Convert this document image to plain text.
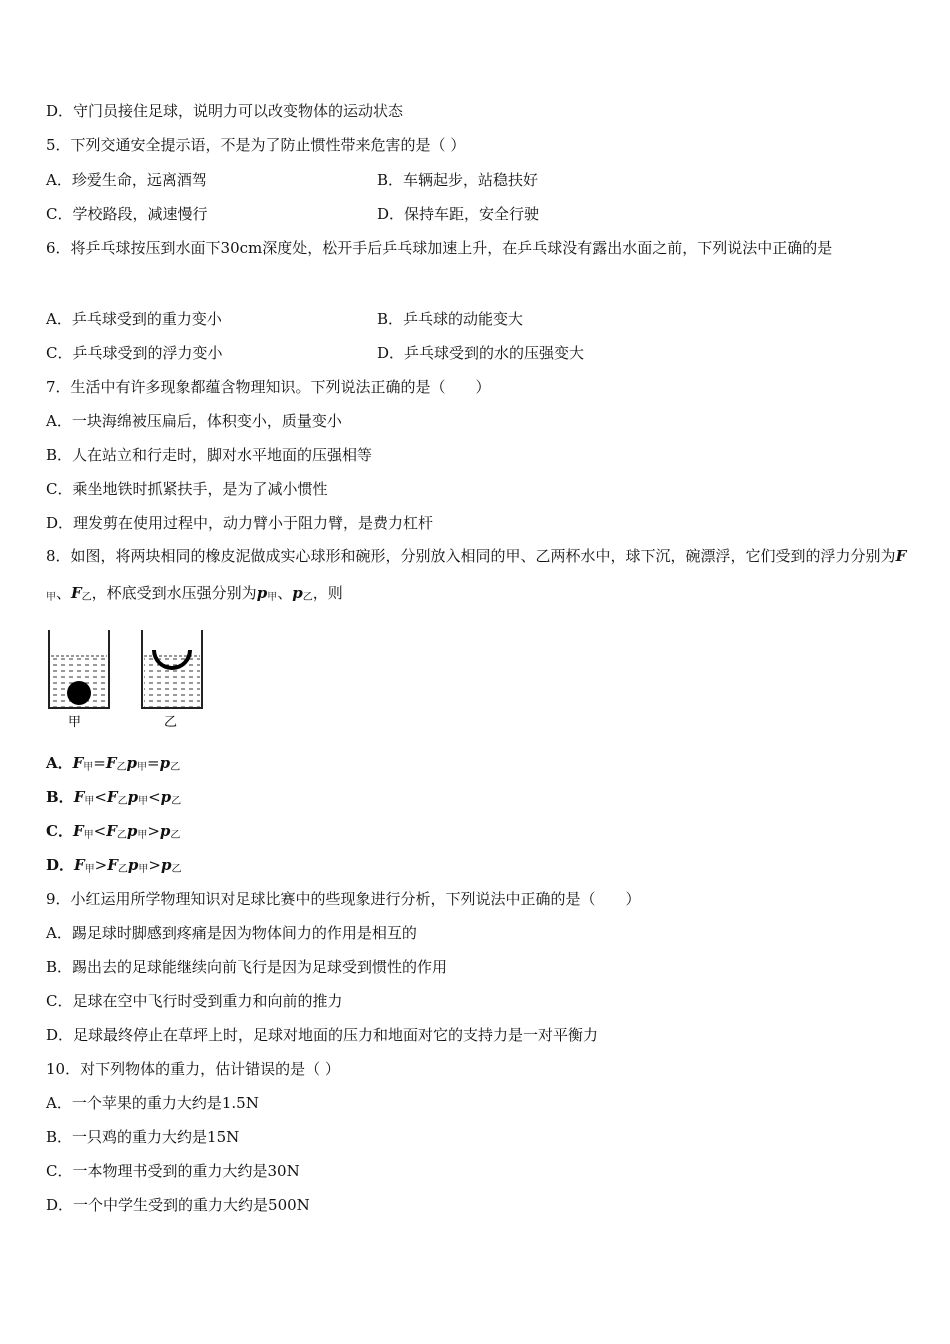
D．守门员接住足球，说明力可以改变物体的运动状态
5．下列交通安全提示语，不是为了防止惯性带来危害的是（ ）
A．珍爱生命，远离酒驾	B．车辆起步，站稳扶好
C．学校路段，减速慢行	D．保持车距，安全行驶
6．将乒乓球按压到水面下30cm深度处，松开手后乒乓球加速上升，在乒乓球没有露出水面之前，下列说法中正确的是
A．乒乓球受到的重力变小	B．乒乓球的动能变大
C．乒乓球受到的浮力变小	D．乒乓球受到的水的压强变大
7．生活中有许多现象都蕴含物理知识。下列说法正确的是（　　）
A．一块海绵被压扁后，体积变小，质量变小
B．人在站立和行走时，脚对水平地面的压强相等
C．乘坐地铁时抓紧扶手，是为了减小惯性
D．理发剪在使用过程中，动力臂小于阻力臂，是费力杠杆
8．如图，将两块相同的橡皮泥做成实心球形和碗形，分别放入相同的甲、乙两杯水中，球下沉，碗漂浮，它们受到的浮力分别为$F_甲$、$F_乙$，杯底受到水压强分别为$p_甲$、$p_乙$，则
甲	乙
A．$F_甲=F_乙p_甲=p_乙$
B．$F_甲<F_乙p_甲<p_乙$
C．$F_甲<F_乙p_甲>p_乙$
D．$F_甲>F_乙p_甲>p_乙$
9．小红运用所学物理知识对足球比赛中的些现象进行分析，下列说法中正确的是（　　）
A．踢足球时脚感到疼痛是因为物体间力的作用是相互的
B．踢出去的足球能继续向前飞行是因为足球受到惯性的作用
C．足球在空中飞行时受到重力和向前的推力
D．足球最终停止在草坪上时，足球对地面的压力和地面对它的支持力是一对平衡力
10．对下列物体的重力，估计错误的是（ ）
A．一个苹果的重力大约是1.5N
B．一只鸡的重力大约是15N
C．一本物理书受到的重力大约是30N
D．一个中学生受到的重力大约是500N
